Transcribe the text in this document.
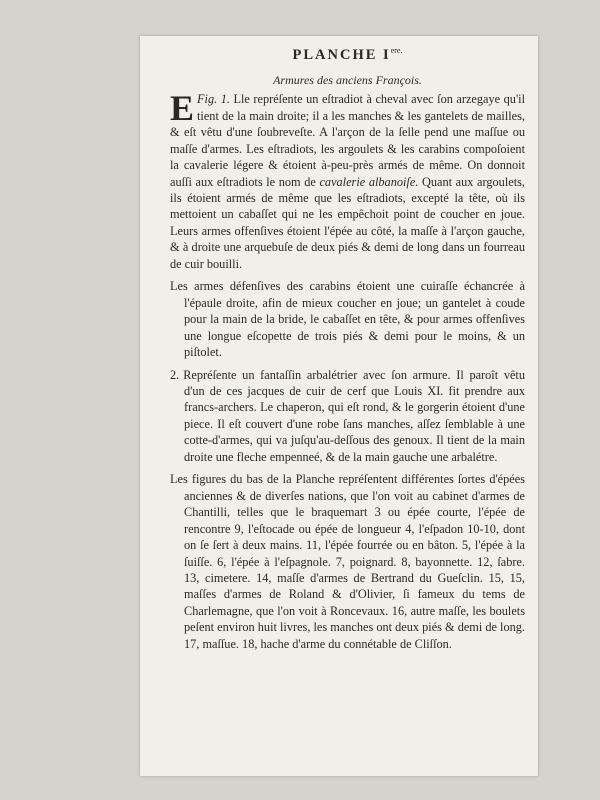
PLANCHE $I^{ere.}$
Armures des anciens François.

Fig. 1.
E	Lle repréſente un eſtradiot à cheval avec ſon arzegaye qu'il tient de la main droite; il a les manches & les gantelets de mailles, & eſt vêtu d'une ſoubreveſte. A l'arçon de la ſelle pend une maſſue ou maſſe d'armes. Les eſtradiots, les argoulets & les carabins compoſoient la cavalerie légere & étoient à-peu-près armés de même. On donnoit auſſi aux eſtradiots le nom de cavalerie albanoiſe. Quant aux argoulets, ils étoient armés de même que les eſtradiots, excepté la tête, où ils mettoient un cabaſſet qui ne les empêchoit point de coucher en joue. Leurs armes offenſives étoient l'épée au côté, la maſſe à l'arçon gauche, & à droite une arquebuſe de deux piés & demi de long dans un fourreau de cuir bouilli.

Les armes défenſives des carabins étoient une cuiraſſe échancrée à l'épaule droite, afin de mieux coucher en joue; un gantelet à coude pour la main de la bride, le cabaſſet en tête, & pour armes offenſives une longue eſcopette de trois piés & demi pour le moins, & un piſtolet.

2. Repréſente un fantaſſin arbalétrier avec ſon armure. Il paroît vêtu d'un de ces jacques de cuir de cerf que Louis XI. fit prendre aux francs-archers. Le chaperon, qui eſt rond, & le gorgerin étoient d'une piece. Il eſt couvert d'une robe ſans manches, aſſez ſemblable à une cotte-d'armes, qui va juſqu'au-deſſous des genoux. Il tient de la main droite une fleche empenneé, & de la main gauche une arbalétre.

Les figures du bas de la Planche repréſentent différentes ſortes d'épées anciennes & de diverſes nations, que l'on voit au cabinet d'armes de Chantilli, telles que le braquemart 3 ou épée courte, l'épée de rencontre 9, l'eſtocade ou épée de longueur 4, l'eſpadon 10-10, dont on ſe ſert à deux mains. 11, l'épée fourrée ou en bâton. 5, l'épée à la ſuiſſe. 6, l'épée à l'eſpagnole. 7, poignard. 8, bayonnette. 12, ſabre. 13, cimetere. 14, maſſe d'armes de Bertrand du Gueſclin. 15, 15, maſſes d'armes de Roland & d'Olivier, ſi fameux du tems de Charlemagne, que l'on voit à Roncevaux. 16, autre maſſe, les boulets peſent environ huit livres, les manches ont deux piés & demi de long. 17, maſſue. 18, hache d'arme du connétable de Cliſſon.
